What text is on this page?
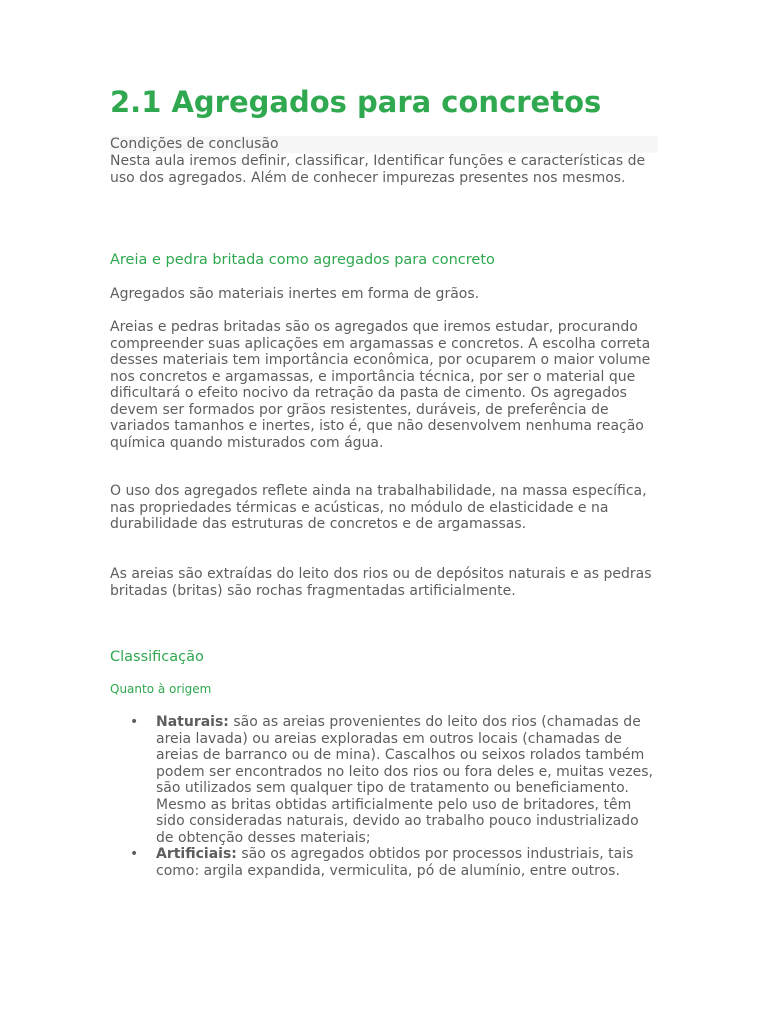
2.1 Agregados para concretos
Condições de conclusão

Nesta aula iremos definir, classificar, Identificar funções e características de uso dos agregados. Além de conhecer impurezas presentes nos mesmos.

Areia e pedra britada como agregados para concreto

Agregados são materiais inertes em forma de grãos.

Areias e pedras britadas são os agregados que iremos estudar, procurando compreender suas aplicações em argamassas e concretos. A escolha correta desses materiais tem importância econômica, por ocuparem o maior volume nos concretos e argamassas, e importância técnica, por ser o material que dificultará o efeito nocivo da retração da pasta de cimento. Os agregados devem ser formados por grãos resistentes, duráveis, de preferência de variados tamanhos e inertes, isto é, que não desenvolvem nenhuma reação química quando misturados com água.

O uso dos agregados reflete ainda na trabalhabilidade, na massa específica, nas propriedades térmicas e acústicas, no módulo de elasticidade e na durabilidade das estruturas de concretos e de argamassas.

As areias são extraídas do leito dos rios ou de depósitos naturais e as pedras britadas (britas) são rochas fragmentadas artificialmente.

Classificação
Quanto à origem
• Naturais: são as areias provenientes do leito dos rios (chamadas de areia lavada) ou areias exploradas em outros locais (chamadas de areias de barranco ou de mina). Cascalhos ou seixos rolados também podem ser encontrados no leito dos rios ou fora deles e, muitas vezes, são utilizados sem qualquer tipo de tratamento ou beneficiamento. Mesmo as britas obtidas artificialmente pelo uso de britadores, têm sido consideradas naturais, devido ao trabalho pouco industrializado de obtenção desses materiais;
• Artificiais: são os agregados obtidos por processos industriais, tais como: argila expandida, vermiculita, pó de alumínio, entre outros.
